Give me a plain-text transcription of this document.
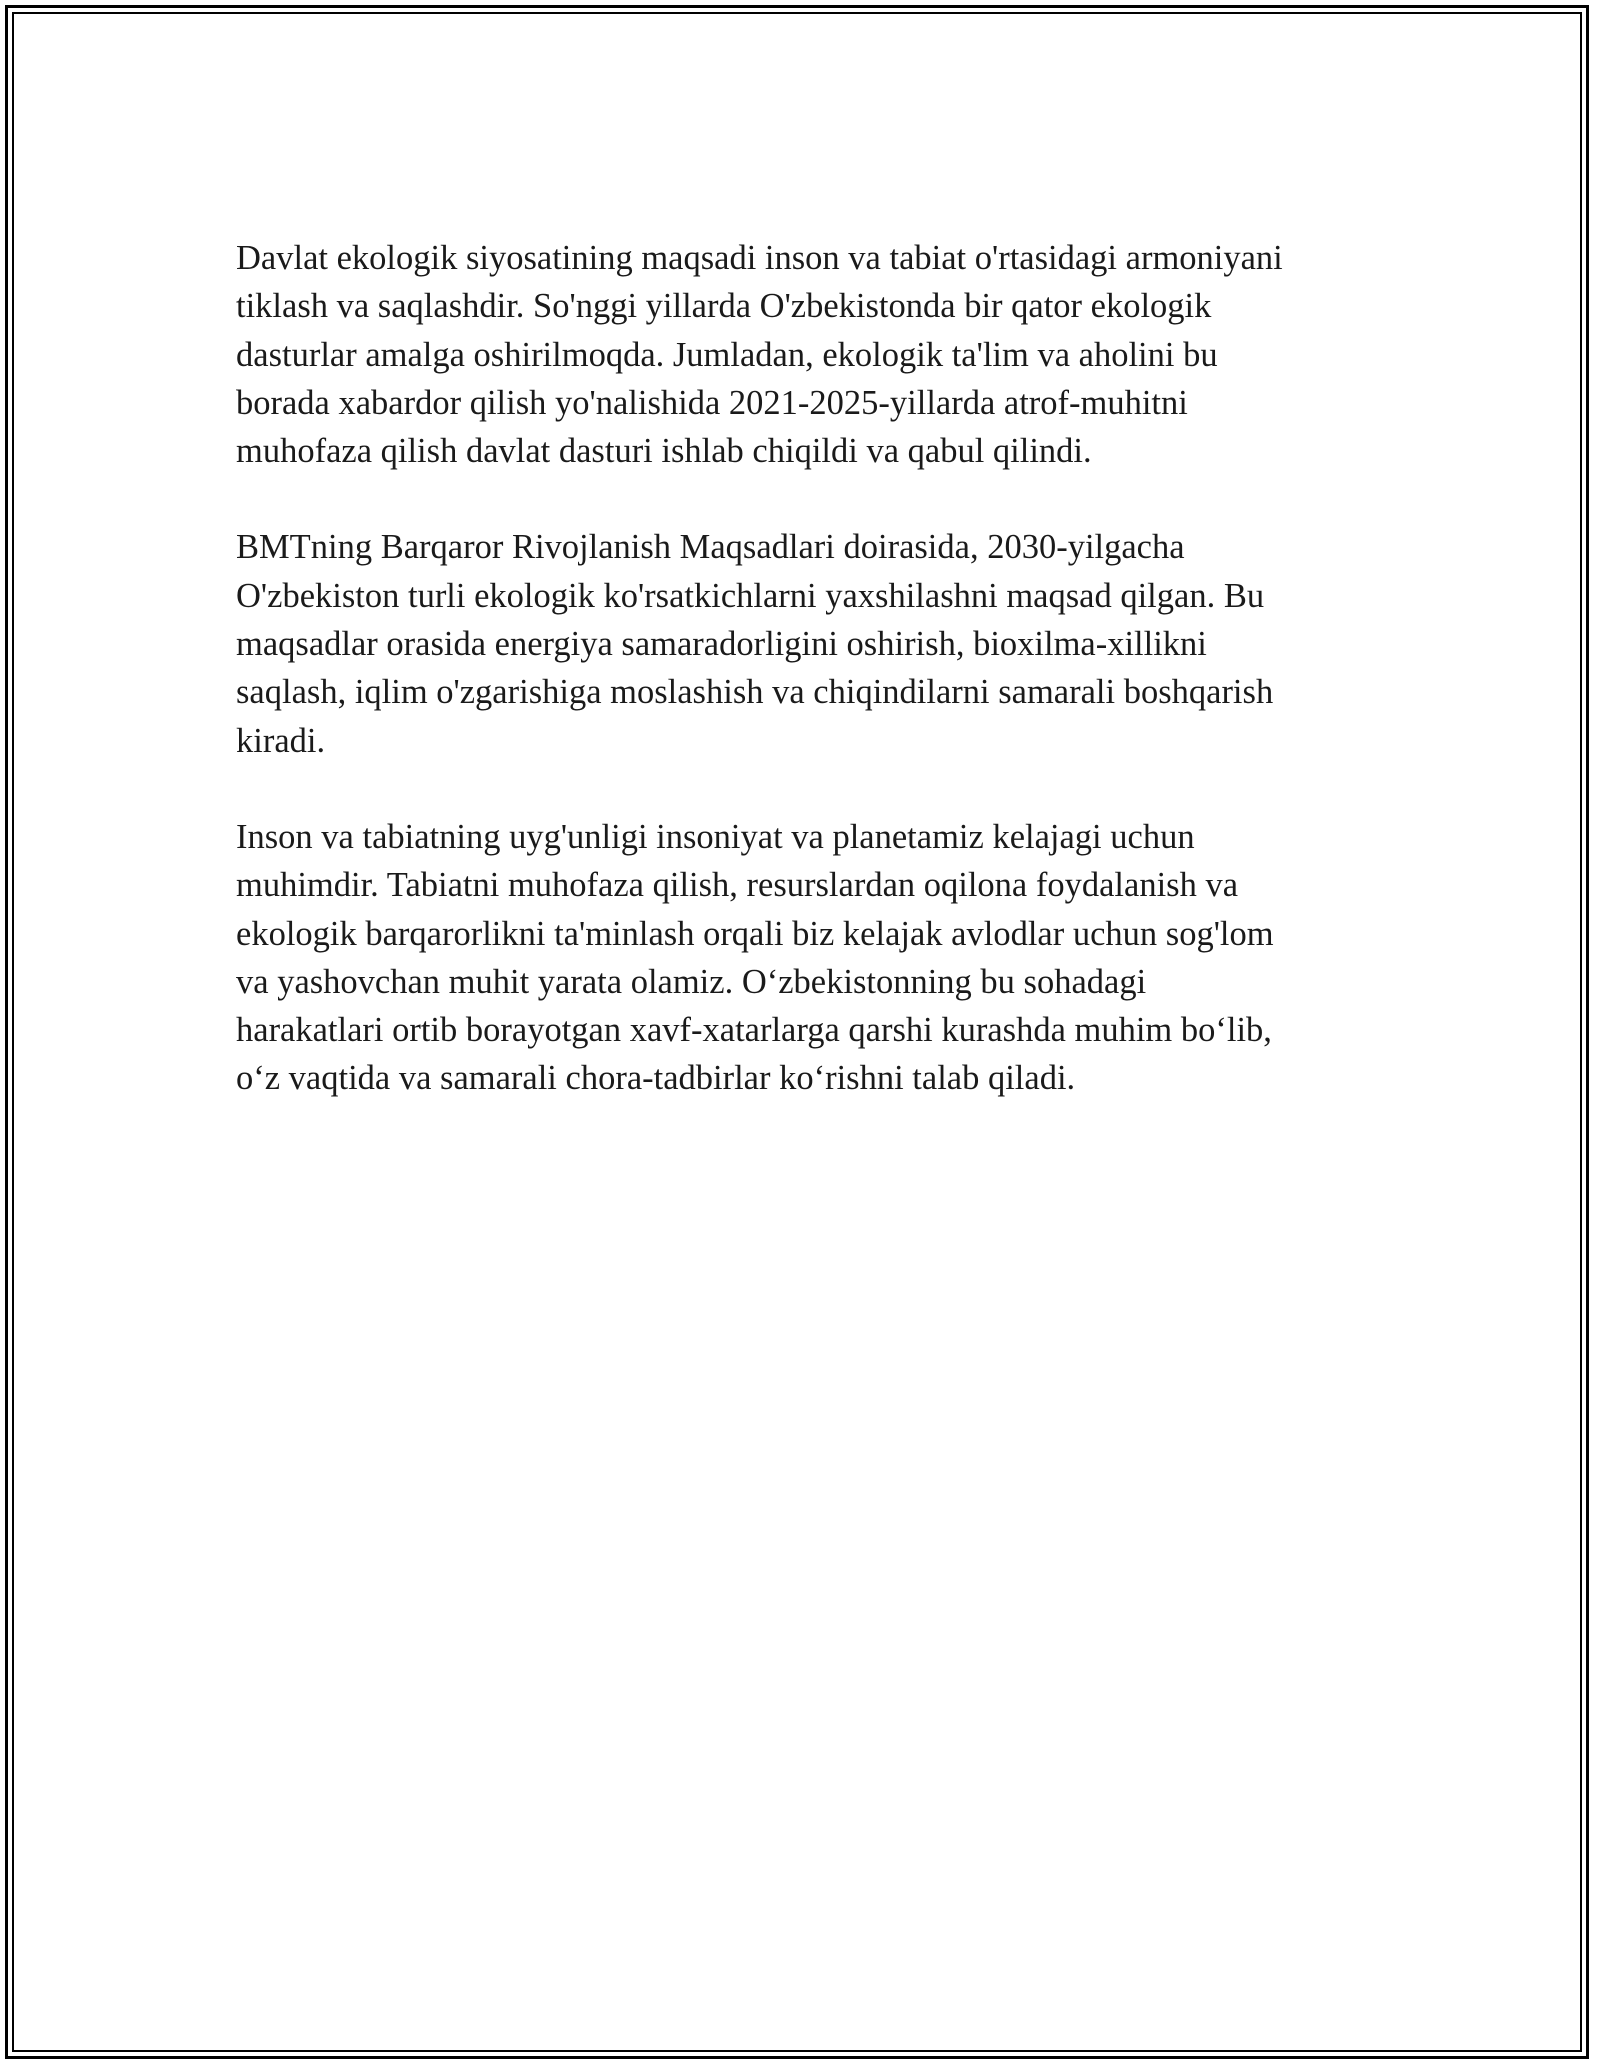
Davlat ekologik siyosatining maqsadi inson va tabiat o'rtasidagi armoniyani
tiklash va saqlashdir. So'nggi yillarda O'zbekistonda bir qator ekologik
dasturlar amalga oshirilmoqda. Jumladan, ekologik ta'lim va aholini bu
borada xabardor qilish yo'nalishida 2021-2025-yillarda atrof-muhitni
muhofaza qilish davlat dasturi ishlab chiqildi va qabul qilindi.

BMTning Barqaror Rivojlanish Maqsadlari doirasida, 2030-yilgacha
O'zbekiston turli ekologik ko'rsatkichlarni yaxshilashni maqsad qilgan. Bu
maqsadlar orasida energiya samaradorligini oshirish, bioxilma-xillikni
saqlash, iqlim o'zgarishiga moslashish va chiqindilarni samarali boshqarish
kiradi.

Inson va tabiatning uyg'unligi insoniyat va planetamiz kelajagi uchun
muhimdir. Tabiatni muhofaza qilish, resurslardan oqilona foydalanish va
ekologik barqarorlikni ta'minlash orqali biz kelajak avlodlar uchun sog'lom
va yashovchan muhit yarata olamiz. O‘zbekistonning bu sohadagi
harakatlari ortib borayotgan xavf-xatarlarga qarshi kurashda muhim bo‘lib,
o‘z vaqtida va samarali chora-tadbirlar ko‘rishni talab qiladi.
